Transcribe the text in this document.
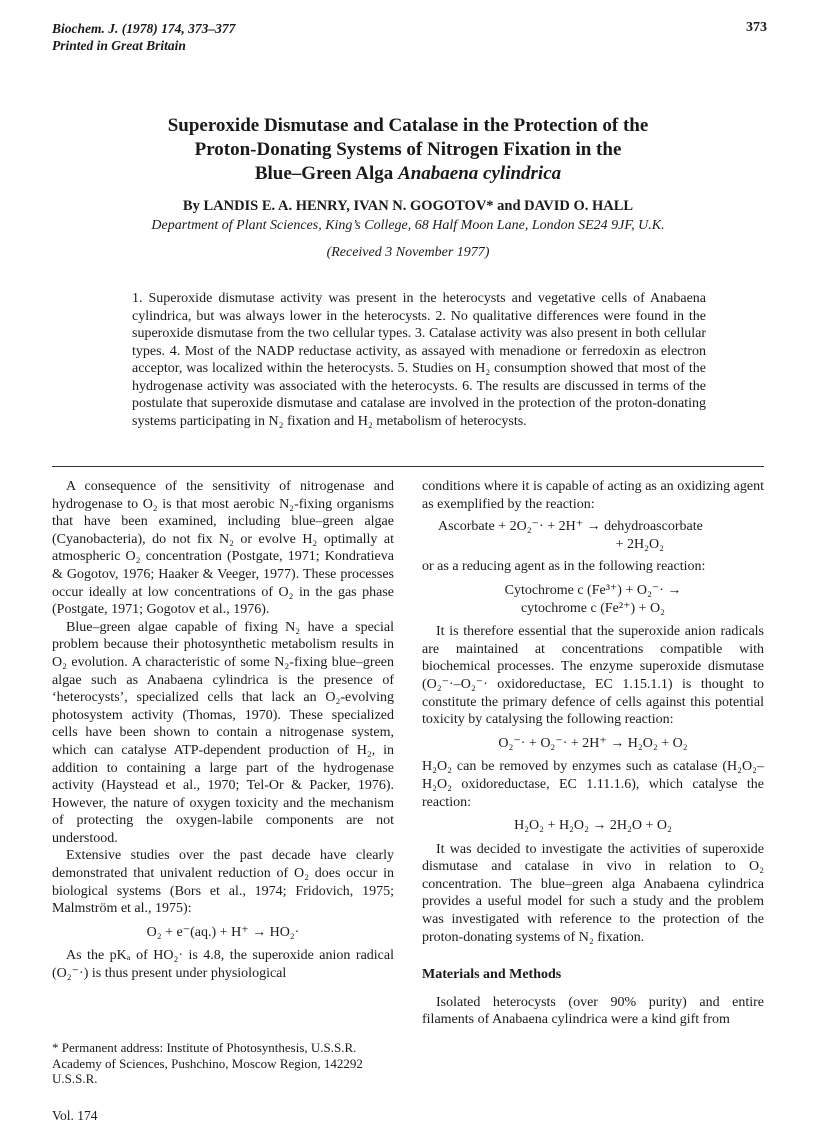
Biochem. J. (1978) 174, 373–377
Printed in Great Britain
373
Superoxide Dismutase and Catalase in the Protection of the
Proton-Donating Systems of Nitrogen Fixation in the
Blue–Green Alga Anabaena cylindrica
By LANDIS E. A. HENRY, IVAN N. GOGOTOV* and DAVID O. HALL
Department of Plant Sciences, King’s College, 68 Half Moon Lane, London SE24 9JF, U.K.
(Received 3 November 1977)
1. Superoxide dismutase activity was present in the heterocysts and vegetative cells of Anabaena cylindrica, but was always lower in the heterocysts. 2. No qualitative differences were found in the superoxide dismutase from the two cellular types. 3. Catalase activity was also present in both cellular types. 4. Most of the NADP reductase activity, as assayed with menadione or ferredoxin as electron acceptor, was localized within the heterocysts. 5. Studies on H₂ consumption showed that most of the hydrogenase activity was associated with the heterocysts. 6. The results are discussed in terms of the postulate that superoxide dismutase and catalase are involved in the protection of the proton-donating systems participating in N₂ fixation and H₂ metabolism of heterocysts.

A consequence of the sensitivity of nitrogenase and hydrogenase to O₂ is that most aerobic N₂-fixing organisms that have been examined, including blue–green algae (Cyanobacteria), do not fix N₂ or evolve H₂ optimally at atmospheric O₂ concentration (Postgate, 1971; Kondratieva & Gogotov, 1976; Haaker & Veeger, 1977). These processes occur ideally at low concentrations of O₂ in the gas phase (Postgate, 1971; Gogotov et al., 1976).

Blue–green algae capable of fixing N₂ have a special problem because their photosynthetic metabolism results in O₂ evolution. A characteristic of some N₂-fixing blue–green algae such as Anabaena cylindrica is the presence of ‘heterocysts’, specialized cells that lack an O₂-evolving photosystem activity (Thomas, 1970). These specialized cells have been shown to contain a nitrogenase system, which can catalyse ATP-dependent production of H₂, in addition to containing a large part of the hydrogenase activity (Haystead et al., 1970; Tel-Or & Packer, 1976). However, the nature of oxygen toxicity and the mechanism of protecting the oxygen-labile components are not understood.

Extensive studies over the past decade have clearly demonstrated that univalent reduction of O₂ does occur in biological systems (Bors et al., 1974; Fridovich, 1975; Malmström et al., 1975):

O₂ + e⁻(aq.) + H⁺ → HO₂·

As the pKₐ of HO₂· is 4.8, the superoxide anion radical (O₂⁻·) is thus present under physiological

* Permanent address: Institute of Photosynthesis, U.S.S.R. Academy of Sciences, Pushchino, Moscow Region, 142292 U.S.S.R.
Vol. 174

conditions where it is capable of acting as an oxidizing agent as exemplified by the reaction:

Ascorbate + 2O₂⁻· + 2H⁺ → dehydroascorbate

+ 2H₂O₂

or as a reducing agent as in the following reaction:

Cytochrome c (Fe³⁺) + O₂⁻· →

cytochrome c (Fe²⁺) + O₂

It is therefore essential that the superoxide anion radicals are maintained at concentrations compatible with biochemical processes. The enzyme superoxide dismutase (O₂⁻·–O₂⁻· oxidoreductase, EC 1.15.1.1) is thought to constitute the primary defence of cells against this potential toxicity by catalysing the following reaction:

O₂⁻· + O₂⁻· + 2H⁺ → H₂O₂ + O₂

H₂O₂ can be removed by enzymes such as catalase (H₂O₂–H₂O₂ oxidoreductase, EC 1.11.1.6), which catalyse the reaction:

H₂O₂ + H₂O₂ → 2H₂O + O₂

It was decided to investigate the activities of superoxide dismutase and catalase in vivo in relation to O₂ concentration. The blue–green alga Anabaena cylindrica provides a useful model for such a study and the problem was investigated with reference to the protection of the proton-donating systems of N₂ fixation.

Materials and Methods

Isolated heterocysts (over 90% purity) and entire filaments of Anabaena cylindrica were a kind gift from
